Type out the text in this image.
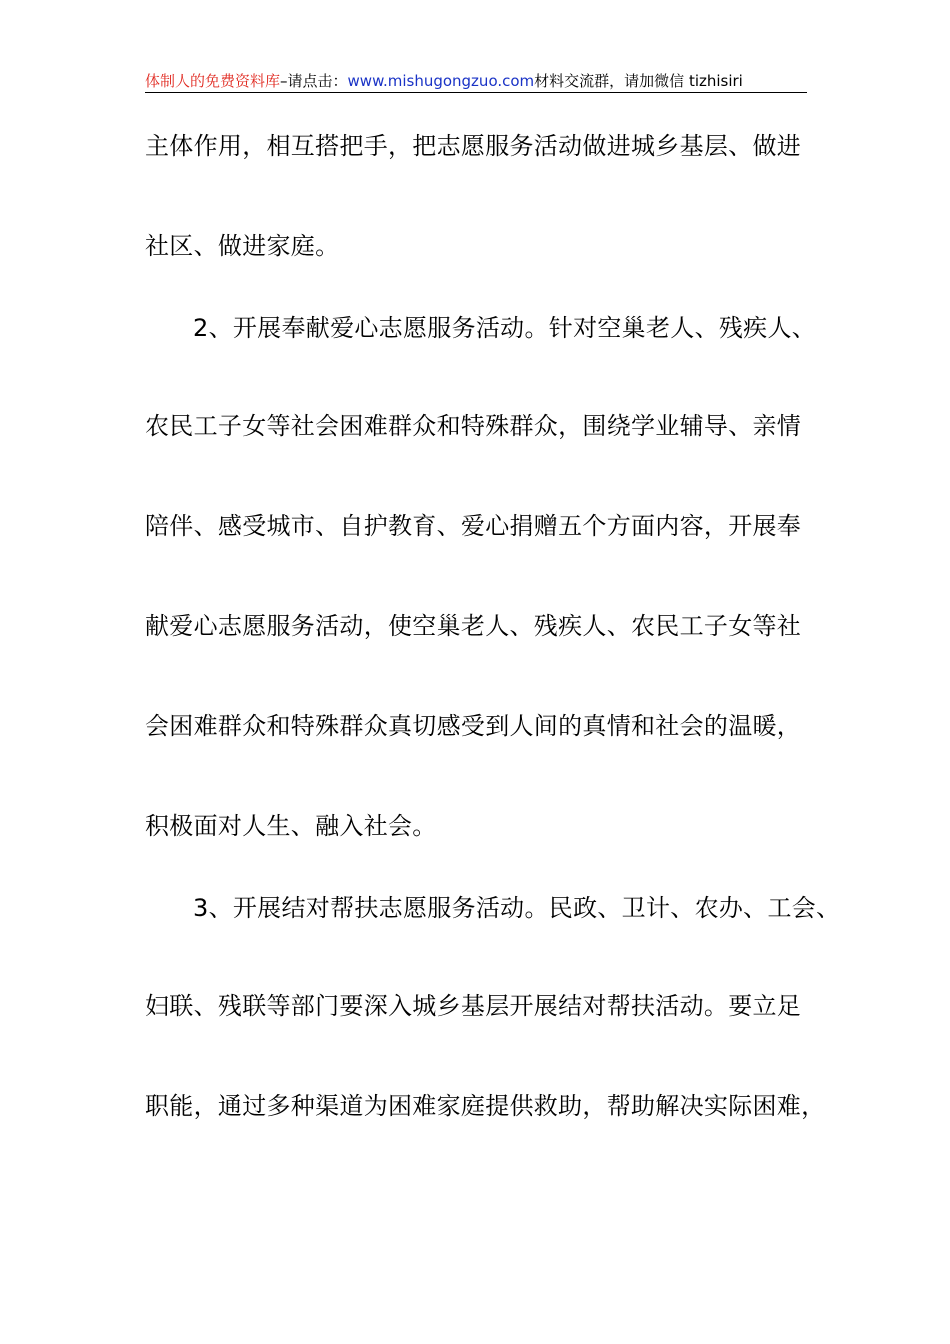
体制人的免费资料库–请点击：www.mishugongzuo.com材料交流群，请加微信 tizhisiri
主体作用，相互搭把手，把志愿服务活动做进城乡基层、做进
社区、做进家庭。
2、开展奉献爱心志愿服务活动。针对空巢老人、残疾人、
农民工子女等社会困难群众和特殊群众，围绕学业辅导、亲情
陪伴、感受城市、自护教育、爱心捐赠五个方面内容，开展奉
献爱心志愿服务活动，使空巢老人、残疾人、农民工子女等社
会困难群众和特殊群众真切感受到人间的真情和社会的温暖，
积极面对人生、融入社会。
3、开展结对帮扶志愿服务活动。民政、卫计、农办、工会、
妇联、残联等部门要深入城乡基层开展结对帮扶活动。要立足
职能，通过多种渠道为困难家庭提供救助，帮助解决实际困难，
